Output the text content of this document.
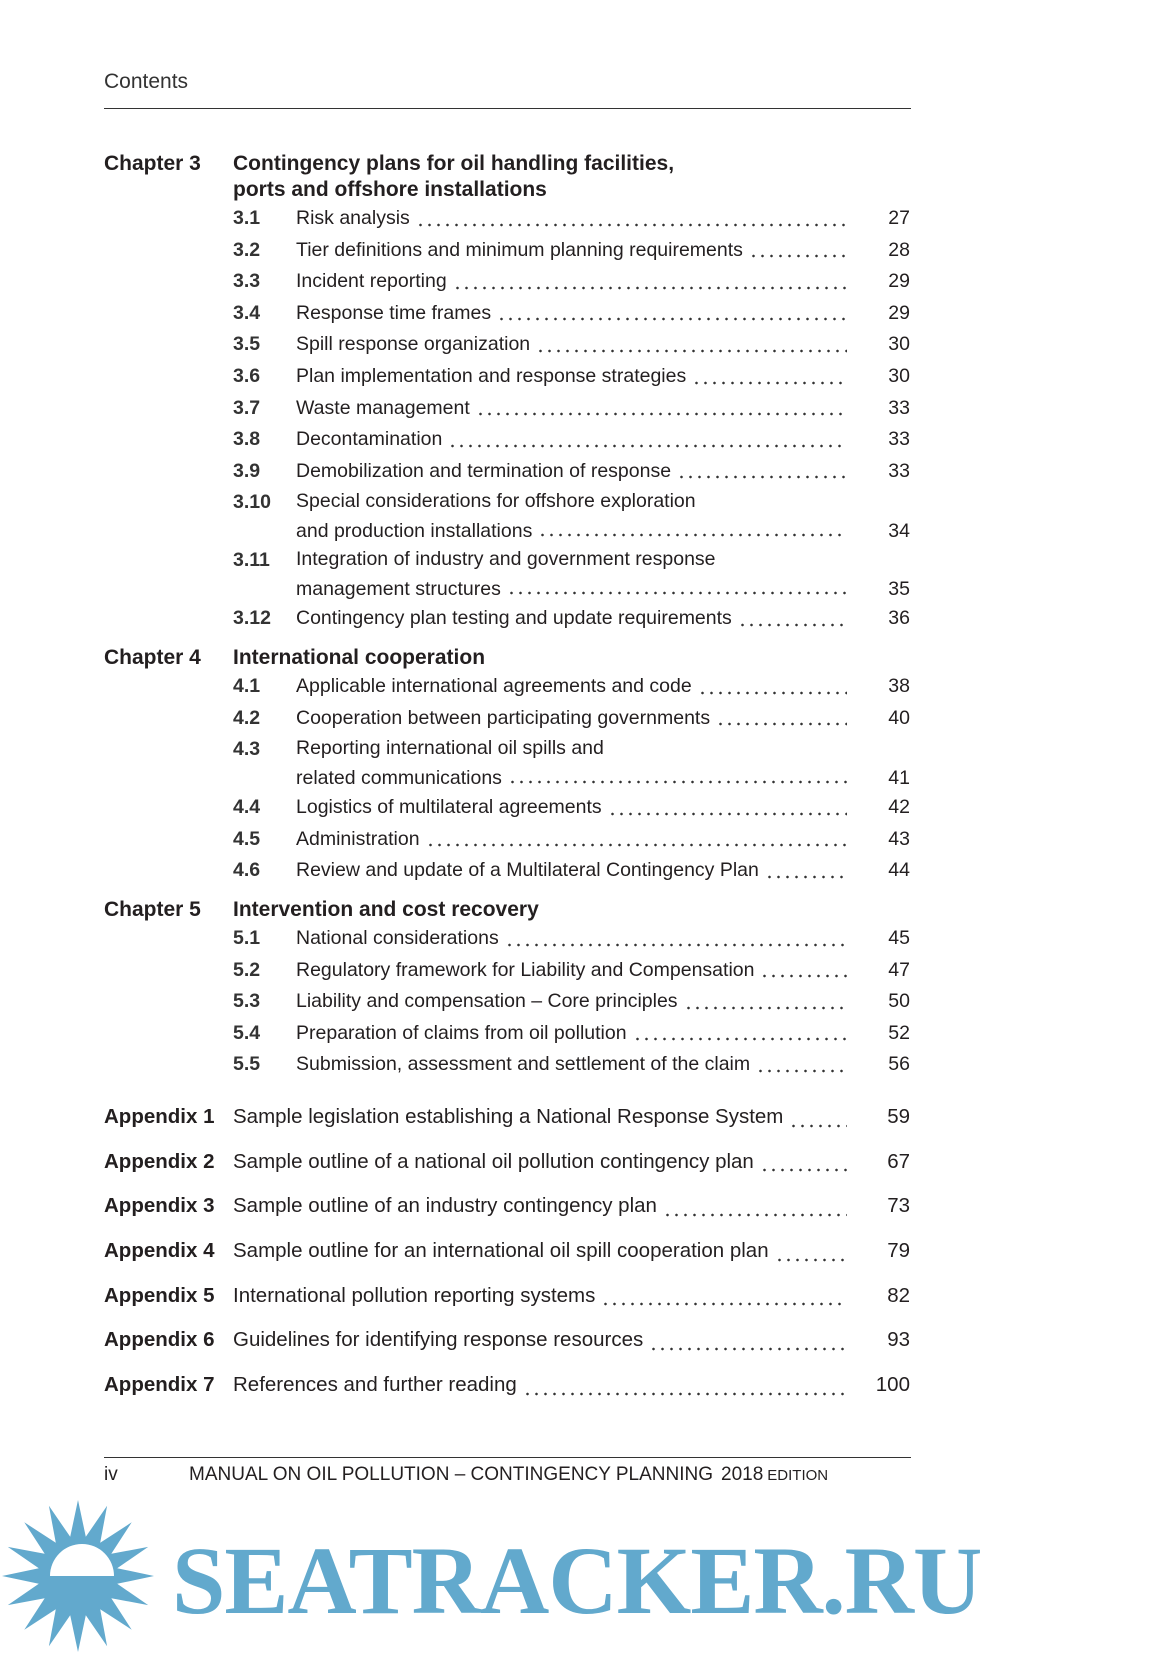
Contents
Chapter 3	Contingency plans for oil handling facilities,
ports and offshore installations
3.1	Risk analysis	27
3.2	Tier definitions and minimum planning requirements	28
3.3	Incident reporting	29
3.4	Response time frames	29
3.5	Spill response organization	30
3.6	Plan implementation and response strategies	30
3.7	Waste management	33
3.8	Decontamination	33
3.9	Demobilization and termination of response	33
3.10	Special considerations for offshore exploration
and production installations	34
3.11	Integration of industry and government response
management structures	35
3.12	Contingency plan testing and update requirements	36
Chapter 4	International cooperation
4.1	Applicable international agreements and code	38
4.2	Cooperation between participating governments	40
4.3	Reporting international oil spills and
related communications	41
4.4	Logistics of multilateral agreements	42
4.5	Administration	43
4.6	Review and update of a Multilateral Contingency Plan	44
Chapter 5	Intervention and cost recovery
5.1	National considerations	45
5.2	Regulatory framework for Liability and Compensation	47
5.3	Liability and compensation – Core principles	50
5.4	Preparation of claims from oil pollution	52
5.5	Submission, assessment and settlement of the claim	56
Appendix 1 Sample legislation establishing a National Response System	59
Appendix 2 Sample outline of a national oil pollution contingency plan	67
Appendix 3 Sample outline of an industry contingency plan	73
Appendix 4 Sample outline for an international oil spill cooperation plan	79
Appendix 5 International pollution reporting systems	82
Appendix 6 Guidelines for identifying response resources	93
Appendix 7 References and further reading	100
iv	MANUAL ON OIL POLLUTION – CONTINGENCY PLANNING 2018 EDITION
SEATRACKER.RU
